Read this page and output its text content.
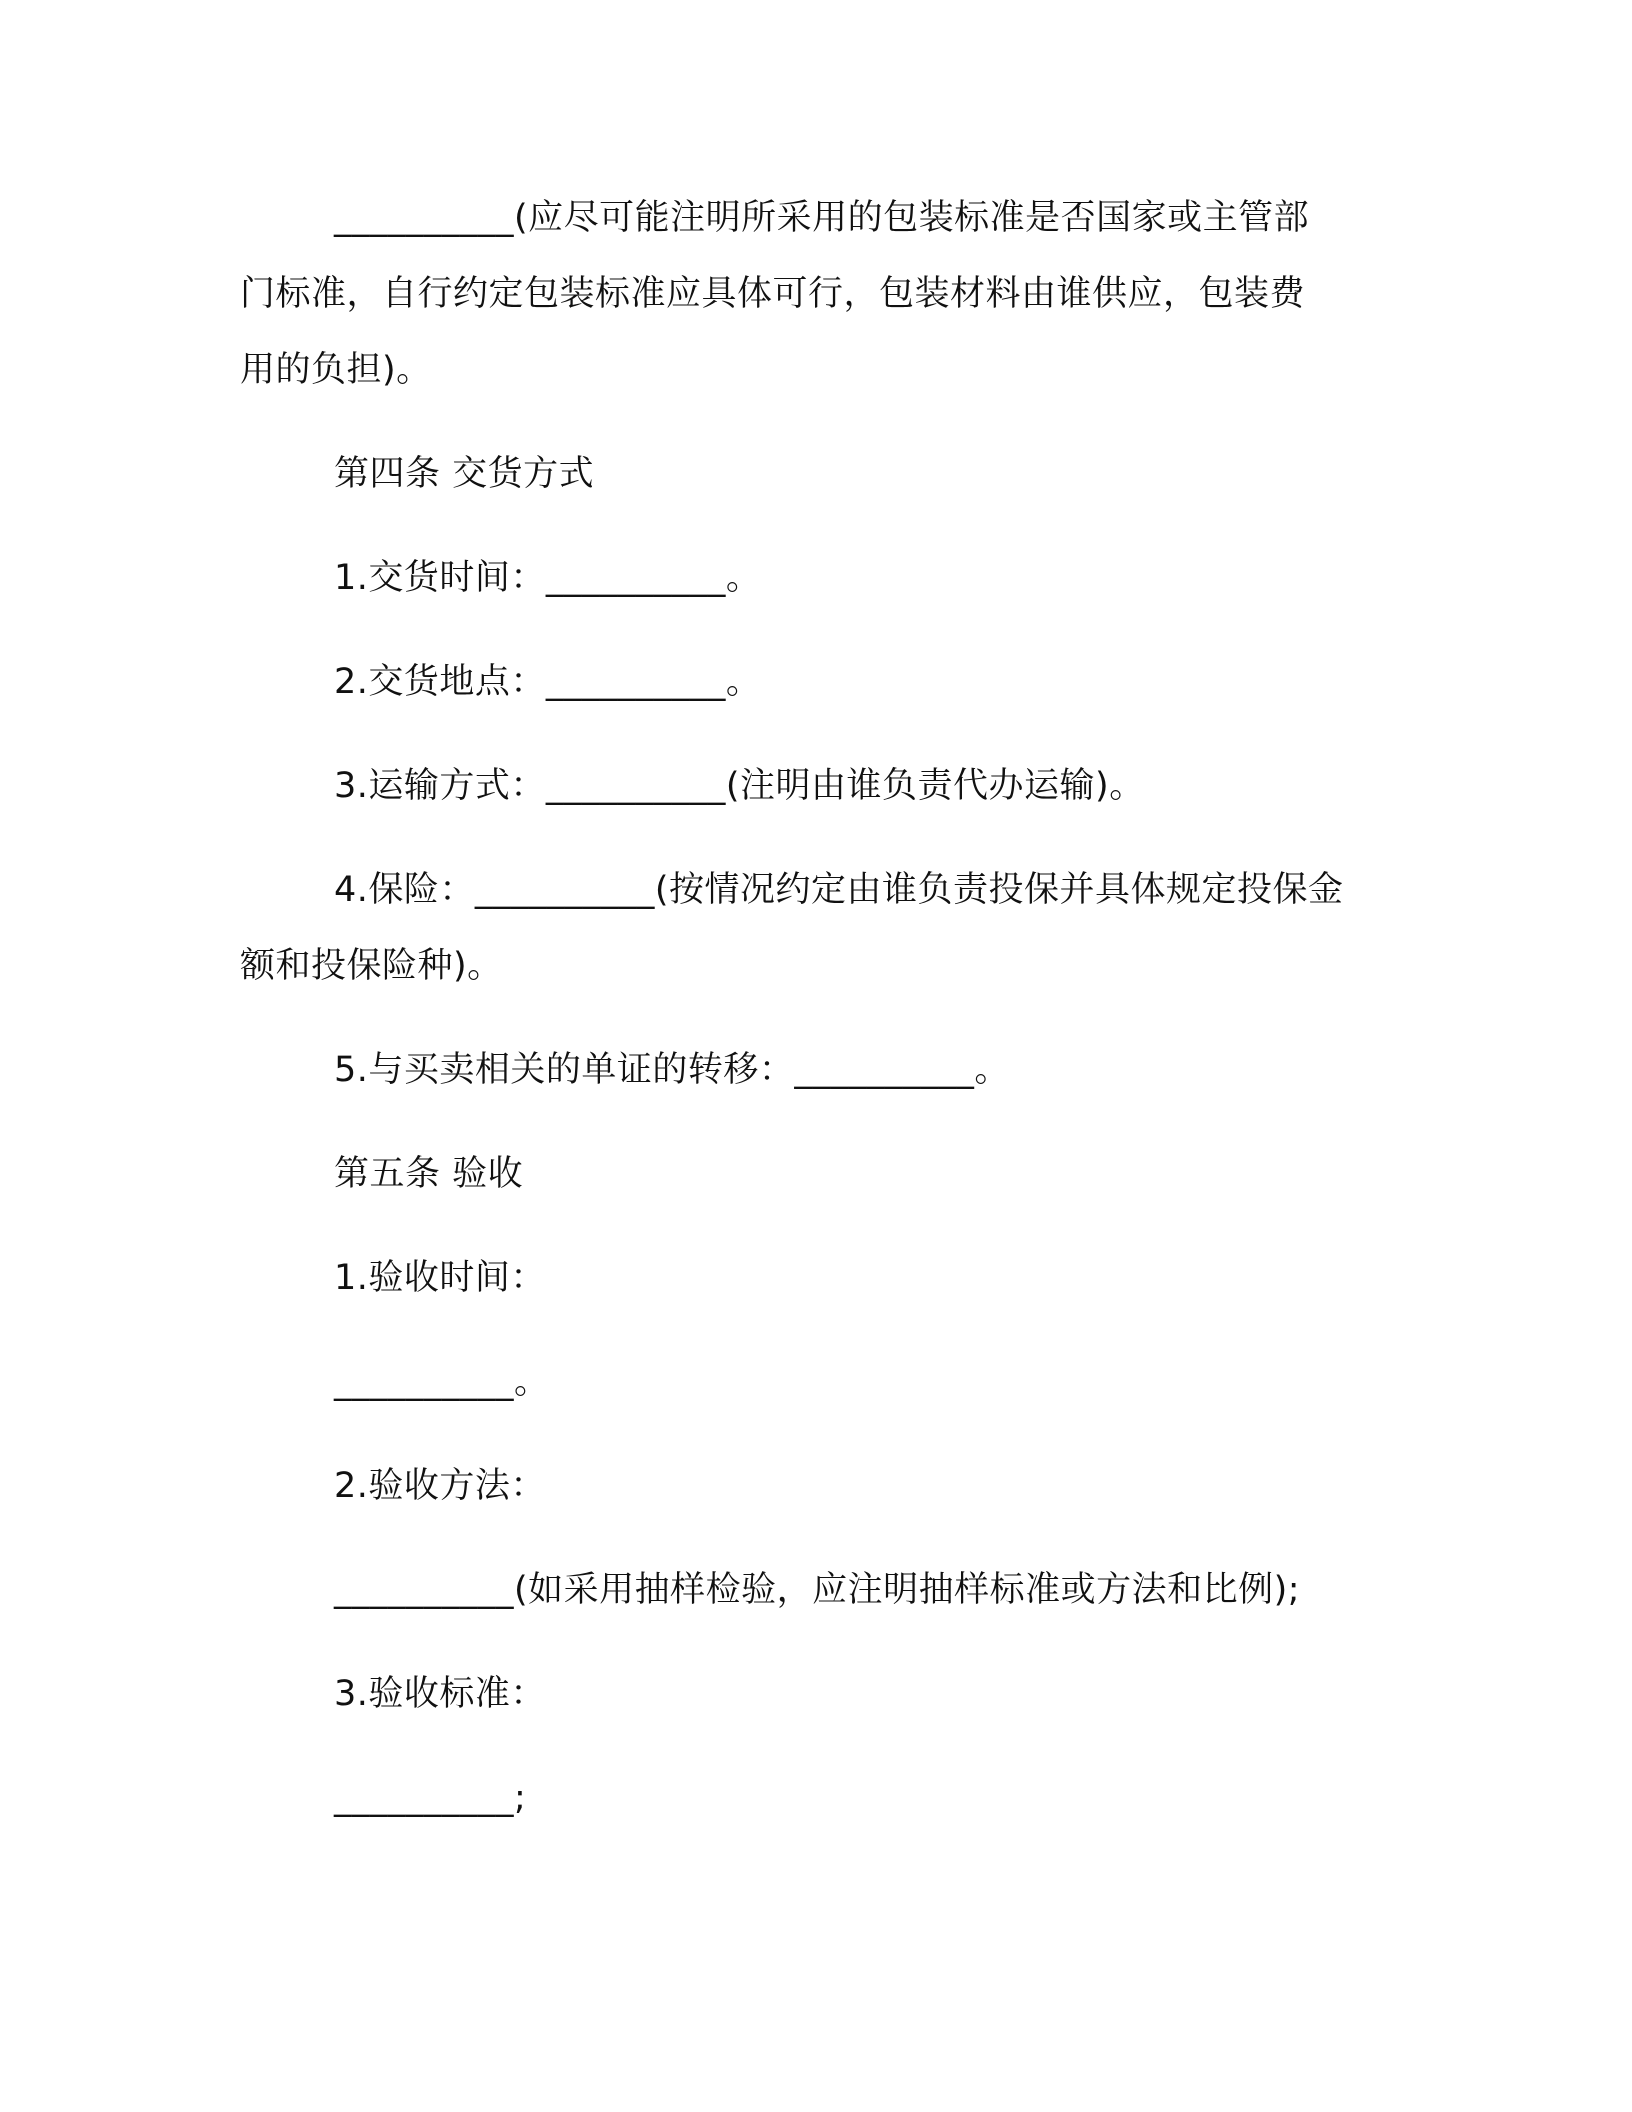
__________(应尽可能注明所采用的包装标准是否国家或主管部
门标准，自行约定包装标准应具体可行，包装材料由谁供应，包装费
用的负担)。
第四条 交货方式
1.交货时间：__________。
2.交货地点：__________。
3.运输方式：__________(注明由谁负责代办运输)。
4.保险：__________(按情况约定由谁负责投保并具体规定投保金
额和投保险种)。
5.与买卖相关的单证的转移：__________。
第五条 验收
1.验收时间：
__________。
2.验收方法：
__________(如采用抽样检验，应注明抽样标准或方法和比例);
3.验收标准：
__________;
